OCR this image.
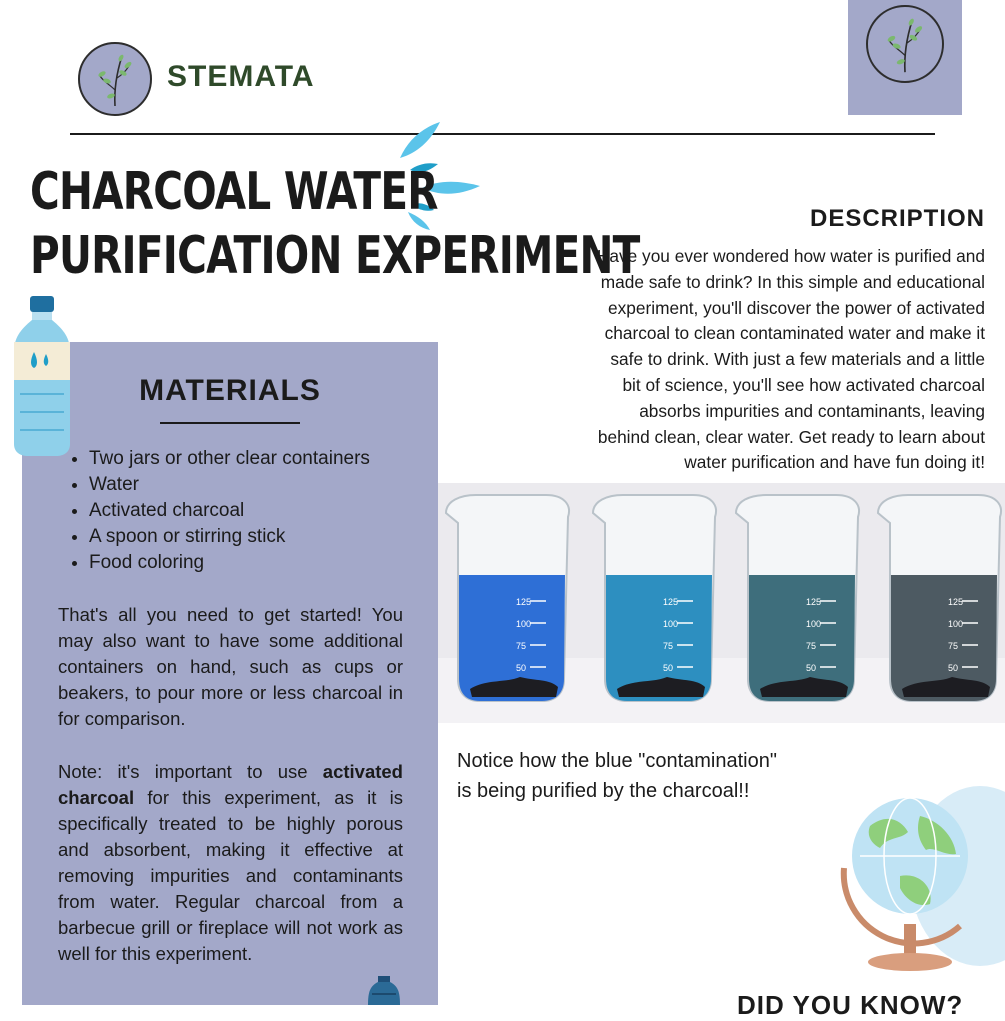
STEMATA
CHARCOAL WATER
PURIFICATION EXPERIMENT
DESCRIPTION
Have you ever wondered how water is purified and
made safe to drink? In this simple and educational
experiment, you'll discover the power of activated
charcoal to clean contaminated water and make it
safe to drink. With just a few materials and a little
bit of science, you'll see how activated charcoal
absorbs impurities and contaminants, leaving
behind clean, clear water. Get ready to learn about
water purification and have fun doing it!
MATERIALS
• Two jars or other clear containers
• Water
• Activated charcoal
• A spoon or stirring stick
• Food coloring

That's all you need to get started! You may also want to have some additional containers on hand, such as cups or beakers, to pour more or less charcoal in for comparison.

Note: it's important to use activated charcoal for this experiment, as it is specifically treated to be highly porous and absorbent, making it effective at removing impurities and contaminants from water. Regular charcoal from a barbecue grill or fireplace will not work as well for this experiment.

125
100
75
50
125
100
75
50
125
100
75
50
125
100
75
50
Notice how the blue "contamination"
is being purified by the charcoal!!
DID YOU KNOW?
